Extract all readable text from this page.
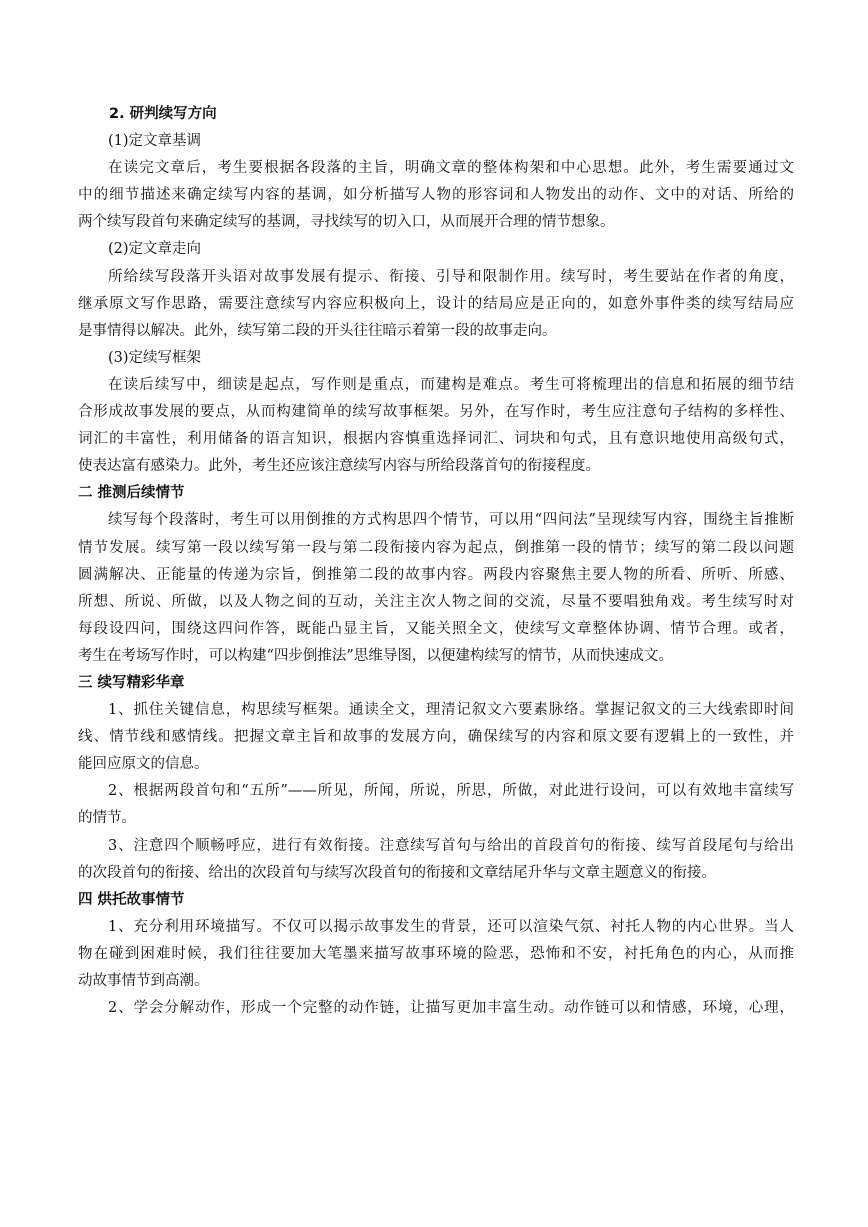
2. 研判续写方向
(1)定文章基调
在读完文章后，考生要根据各段落的主旨，明确文章的整体构架和中心思想。此外，考生需要通过文
中的细节描述来确定续写内容的基调，如分析描写人物的形容词和人物发出的动作、文中的对话、所给的
两个续写段首句来确定续写的基调，寻找续写的切入口，从而展开合理的情节想象。
(2)定文章走向
所给续写段落开头语对故事发展有提示、衔接、引导和限制作用。续写时，考生要站在作者的角度，
继承原文写作思路，需要注意续写内容应积极向上，设计的结局应是正向的，如意外事件类的续写结局应
是事情得以解决。此外，续写第二段的开头往往暗示着第一段的故事走向。
(3)定续写框架
在读后续写中，细读是起点，写作则是重点，而建构是难点。考生可将梳理出的信息和拓展的细节结
合形成故事发展的要点，从而构建简单的续写故事框架。另外，在写作时，考生应注意句子结构的多样性、
词汇的丰富性，利用储备的语言知识，根据内容慎重选择词汇、词块和句式，且有意识地使用高级句式，
使表达富有感染力。此外，考生还应该注意续写内容与所给段落首句的衔接程度。
二 推测后续情节
续写每个段落时，考生可以用倒推的方式构思四个情节，可以用“四问法”呈现续写内容，围绕主旨推断
情节发展。续写第一段以续写第一段与第二段衔接内容为起点，倒推第一段的情节；续写的第二段以问题
圆满解决、正能量的传递为宗旨，倒推第二段的故事内容。两段内容聚焦主要人物的所看、所听、所感、
所想、所说、所做，以及人物之间的互动，关注主次人物之间的交流，尽量不要唱独角戏。考生续写时对
每段设四问，围绕这四问作答，既能凸显主旨，又能关照全文，使续写文章整体协调、情节合理。或者，
考生在考场写作时，可以构建“四步倒推法”思维导图，以便建构续写的情节，从而快速成文。
三 续写精彩华章
1、抓住关键信息，构思续写框架。通读全文，理清记叙文六要素脉络。掌握记叙文的三大线索即时间
线、情节线和感情线。把握文章主旨和故事的发展方向，确保续写的内容和原文要有逻辑上的一致性，并
能回应原文的信息。
2、根据两段首句和“五所”——所见，所闻，所说，所思，所做，对此进行设问，可以有效地丰富续写
的情节。
3、注意四个顺畅呼应，进行有效衔接。注意续写首句与给出的首段首句的衔接、续写首段尾句与给出
的次段首句的衔接、给出的次段首句与续写次段首句的衔接和文章结尾升华与文章主题意义的衔接。
四 烘托故事情节
1、充分利用环境描写。不仅可以揭示故事发生的背景，还可以渲染气氛、衬托人物的内心世界。当人
物在碰到困难时候，我们往往要加大笔墨来描写故事环境的险恶，恐怖和不安，衬托角色的内心，从而推
动故事情节到高潮。
2、学会分解动作，形成一个完整的动作链，让描写更加丰富生动。动作链可以和情感，环境，心理，
